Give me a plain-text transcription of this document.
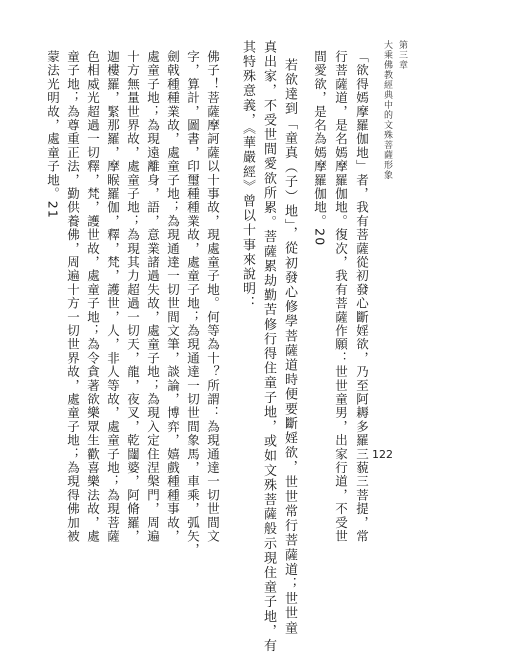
第三章
大乘佛教經典中的文殊菩薩形象
「欲得嫣摩羅伽地」者，我有菩薩從初發心斷婬欲，乃至阿耨多羅三藐三菩提，常
行菩薩道，是名嫣摩羅伽地。復次，我有菩薩作願：世世童男，出家行道，不受世
間愛欲，是名為嫣摩羅伽地。20
若欲達到「童真（子）地」，從初發心修學菩薩道時便要斷婬欲，世世常行菩薩道；世世童
真出家，不受世間愛欲所累。菩薩累劫勤苦修行得住童子地，或如文殊菩薩般示現住童子地，有
其特殊意義，《華嚴經》曾以十事來說明：
佛子！菩薩摩訶薩以十事故，現處童子地。何等為十？所謂：為現通達一切世間文
字，算計，圖書，印璽種種業故，處童子地；為現通達一切世間象馬，車乘，弧矢，
劍戟種種業故，處童子地；為現通達一切世間文筆，談論，博弈，嬉戲種種事故，
處童子地；為現遠離身，語，意業諸過失故，處童子地；為現入定住涅槃門，周遍
十方無量世界故，處童子地；為現其力超過一切天，龍，夜叉，乾闥婆，阿脩羅，
迦樓羅，緊那羅，摩睺羅伽，釋，梵，護世，人，非人等故，處童子地；為現菩薩
色相威光超過一切釋，梵，護世故，處童子地；為令貪著欲樂眾生歡喜樂法故，處
童子地；為尊重正法，勤供養佛，周遍十方一切世界故，處童子地；為現得佛加被
蒙法光明故，處童子地。21
122
